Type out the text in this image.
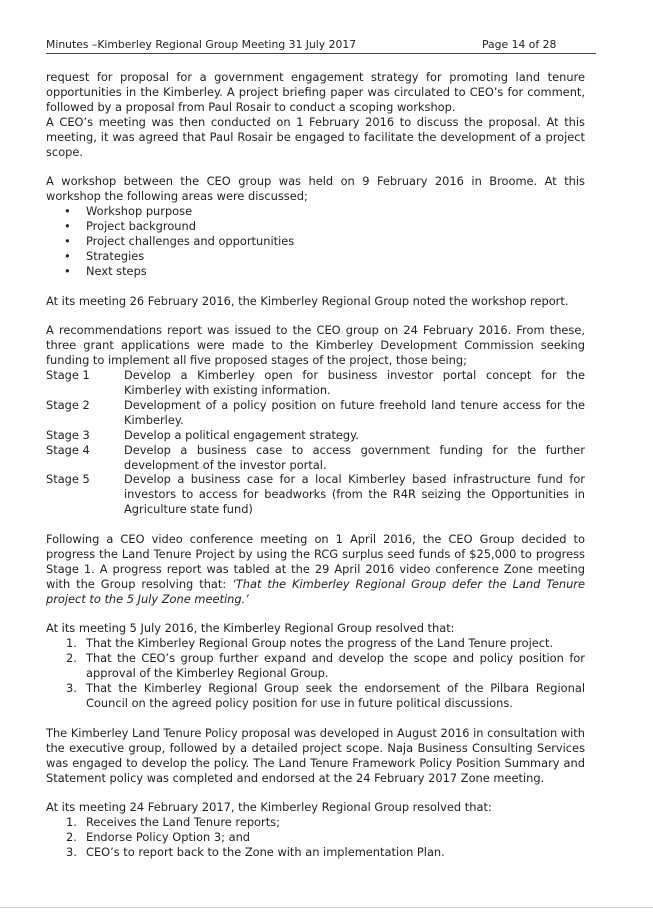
Minutes –Kimberley Regional Group Meeting 31 July 2017	Page 14 of 28

request for proposal for a government engagement strategy for promoting land tenure opportunities in the Kimberley. A project briefing paper was circulated to CEO’s for comment, followed by a proposal from Paul Rosair to conduct a scoping workshop.

A CEO’s meeting was then conducted on 1 February 2016 to discuss the proposal. At this meeting, it was agreed that Paul Rosair be engaged to facilitate the development of a project scope.

A workshop between the CEO group was held on 9 February 2016 in Broome. At this workshop the following areas were discussed;

• Workshop purpose
• Project background
• Project challenges and opportunities
• Strategies
• Next steps

At its meeting 26 February 2016, the Kimberley Regional Group noted the workshop report.

A recommendations report was issued to the CEO group on 24 February 2016. From these, three grant applications were made to the Kimberley Development Commission seeking funding to implement all five proposed stages of the project, those being;

Stage 1	Develop a Kimberley open for business investor portal concept for the Kimberley with existing information.
Stage 2	Development of a policy position on future freehold land tenure access for the Kimberley.
Stage 3	Develop a political engagement strategy.
Stage 4	Develop a business case to access government funding for the further development of the investor portal.
Stage 5	Develop a business case for a local Kimberley based infrastructure fund for investors to access for beadworks (from the R4R seizing the Opportunities in Agriculture state fund)

Following a CEO video conference meeting on 1 April 2016, the CEO Group decided to progress the Land Tenure Project by using the RCG surplus seed funds of $25,000 to progress Stage 1. A progress report was tabled at the 29 April 2016 video conference Zone meeting with the Group resolving that: ‘That the Kimberley Regional Group defer the Land Tenure project to the 5 July Zone meeting.’

At its meeting 5 July 2016, the Kimberley Regional Group resolved that:

1. That the Kimberley Regional Group notes the progress of the Land Tenure project.
2. That the CEO’s group further expand and develop the scope and policy position for approval of the Kimberley Regional Group.
3. That the Kimberley Regional Group seek the endorsement of the Pilbara Regional Council on the agreed policy position for use in future political discussions.

The Kimberley Land Tenure Policy proposal was developed in August 2016 in consultation with the executive group, followed by a detailed project scope. Naja Business Consulting Services was engaged to develop the policy. The Land Tenure Framework Policy Position Summary and Statement policy was completed and endorsed at the 24 February 2017 Zone meeting.

At its meeting 24 February 2017, the Kimberley Regional Group resolved that:

1. Receives the Land Tenure reports;
2. Endorse Policy Option 3; and
3. CEO’s to report back to the Zone with an implementation Plan.
